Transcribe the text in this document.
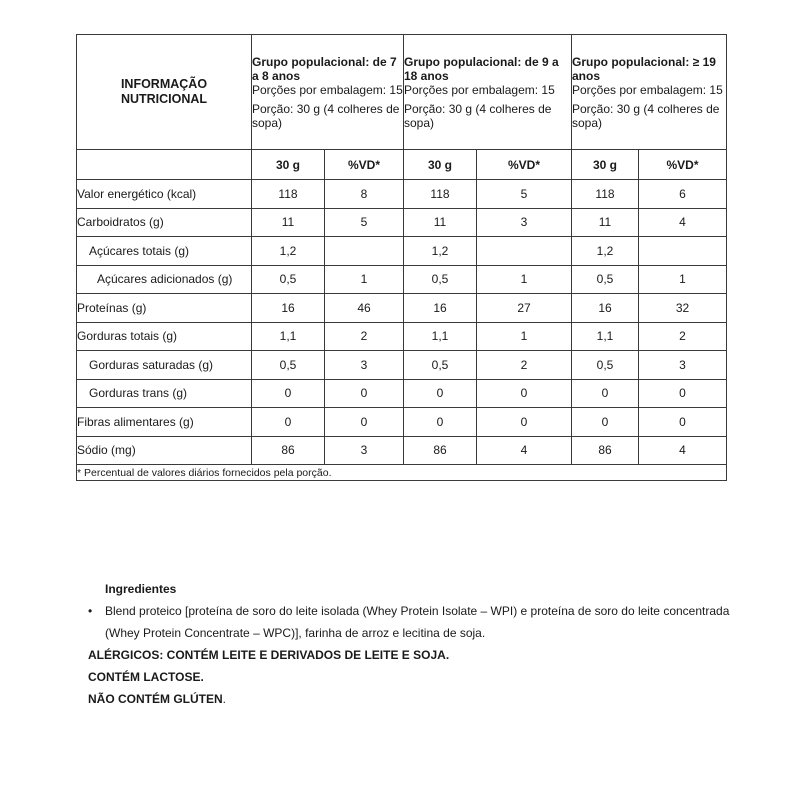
INFORMAÇÃO
NUTRICIONAL	Grupo populacional: de 7 a 8 anos
Porções por embalagem: 15
Porção: 30 g (4 colheres de sopa)		Grupo populacional: de 9 a 18 anos
Porções por embalagem: 15
Porção: 30 g (4 colheres de sopa)		Grupo populacional: ≥ 19 anos
Porções por embalagem: 15
Porção: 30 g (4 colheres de sopa)	

	30 g	%VD*	30 g	%VD*	30 g	%VD*
Valor energético (kcal)	118	8	118	5	118	6
Carboidratos (g)	11	5	11	3	11	4
Açúcares totais (g)	1,2		1,2		1,2	
Açúcares adicionados (g)	0,5	1	0,5	1	0,5	1
Proteínas (g)	16	46	16	27	16	32
Gorduras totais (g)	1,1	2	1,1	1	1,1	2
Gorduras saturadas (g)	0,5	3	0,5	2	0,5	3
Gorduras trans (g)	0	0	0	0	0	0
Fibras alimentares (g)	0	0	0	0	0	0
Sódio (mg)	86	3	86	4	86	4
* Percentual de valores diários fornecidos pela porção.						
Ingredientes
• Blend proteico [proteína de soro do leite isolada (Whey Protein Isolate – WPI) e proteína de soro do leite concentrada (Whey Protein Concentrate – WPC)], farinha de arroz e lecitina de soja.
ALÉRGICOS: CONTÉM LEITE E DERIVADOS DE LEITE E SOJA.
CONTÉM LACTOSE.
NÃO CONTÉM GLÚTEN.
